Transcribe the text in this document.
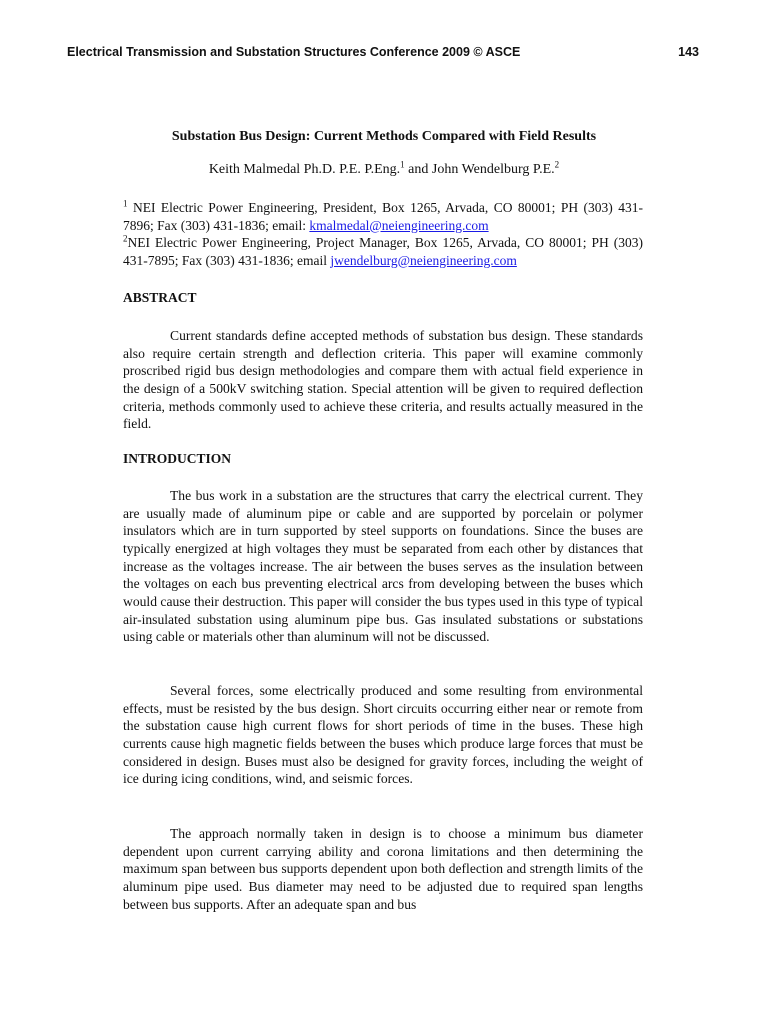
Electrical Transmission and Substation Structures Conference 2009 © ASCE	143
Substation Bus Design: Current Methods Compared with Field Results
Keith Malmedal Ph.D. P.E. P.Eng.$^1$ and John Wendelburg P.E.$^2$

$^1$ NEI Electric Power Engineering, President, Box 1265, Arvada, CO 80001; PH (303) 431-7896; Fax (303) 431-1836; email: kmalmedal@neiengineering.com

$^2$NEI Electric Power Engineering, Project Manager, Box 1265, Arvada, CO 80001; PH (303) 431-7895; Fax (303) 431-1836; email jwendelburg@neiengineering.com

ABSTRACT

Current standards define accepted methods of substation bus design. These standards also require certain strength and deflection criteria. This paper will examine commonly proscribed rigid bus design methodologies and compare them with actual field experience in the design of a 500kV switching station. Special attention will be given to required deflection criteria, methods commonly used to achieve these criteria, and results actually measured in the field.

INTRODUCTION

The bus work in a substation are the structures that carry the electrical current. They are usually made of aluminum pipe or cable and are supported by porcelain or polymer insulators which are in turn supported by steel supports on foundations. Since the buses are typically energized at high voltages they must be separated from each other by distances that increase as the voltages increase. The air between the buses serves as the insulation between the voltages on each bus preventing electrical arcs from developing between the buses which would cause their destruction. This paper will consider the bus types used in this type of typical air-insulated substation using aluminum pipe bus. Gas insulated substations or substations using cable or materials other than aluminum will not be discussed.

Several forces, some electrically produced and some resulting from environmental effects, must be resisted by the bus design. Short circuits occurring either near or remote from the substation cause high current flows for short periods of time in the buses. These high currents cause high magnetic fields between the buses which produce large forces that must be considered in design. Buses must also be designed for gravity forces, including the weight of ice during icing conditions, wind, and seismic forces.

The approach normally taken in design is to choose a minimum bus diameter dependent upon current carrying ability and corona limitations and then determining the maximum span between bus supports dependent upon both deflection and strength limits of the aluminum pipe used. Bus diameter may need to be adjusted due to required span lengths between bus supports. After an adequate span and bus
